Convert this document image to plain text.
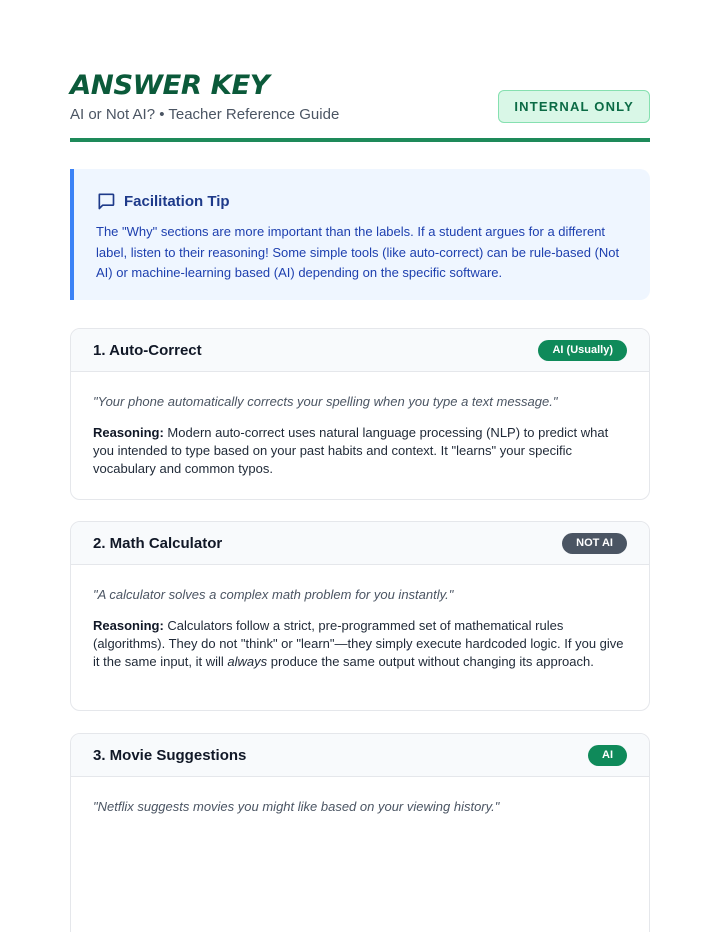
ANSWER KEY
AI or Not AI? • Teacher Reference Guide	INTERNAL ONLY
Facilitation Tip
The "Why" sections are more important than the labels. If a student argues for a different label, listen to their reasoning! Some simple tools (like auto-correct) can be rule-based (Not AI) or machine-learning based (AI) depending on the specific software.
1. Auto-Correct	AI (Usually)
"Your phone automatically corrects your spelling when you type a text message."
Reasoning: Modern auto-correct uses natural language processing (NLP) to predict what you intended to type based on your past habits and context. It "learns" your specific vocabulary and common typos.
2. Math Calculator	NOT AI
"A calculator solves a complex math problem for you instantly."
Reasoning: Calculators follow a strict, pre-programmed set of mathematical rules (algorithms). They do not "think" or "learn"—they simply execute hardcoded logic. If you give it the same input, it will always produce the same output without changing its approach.
3. Movie Suggestions	AI
"Netflix suggests movies you might like based on your viewing history."
